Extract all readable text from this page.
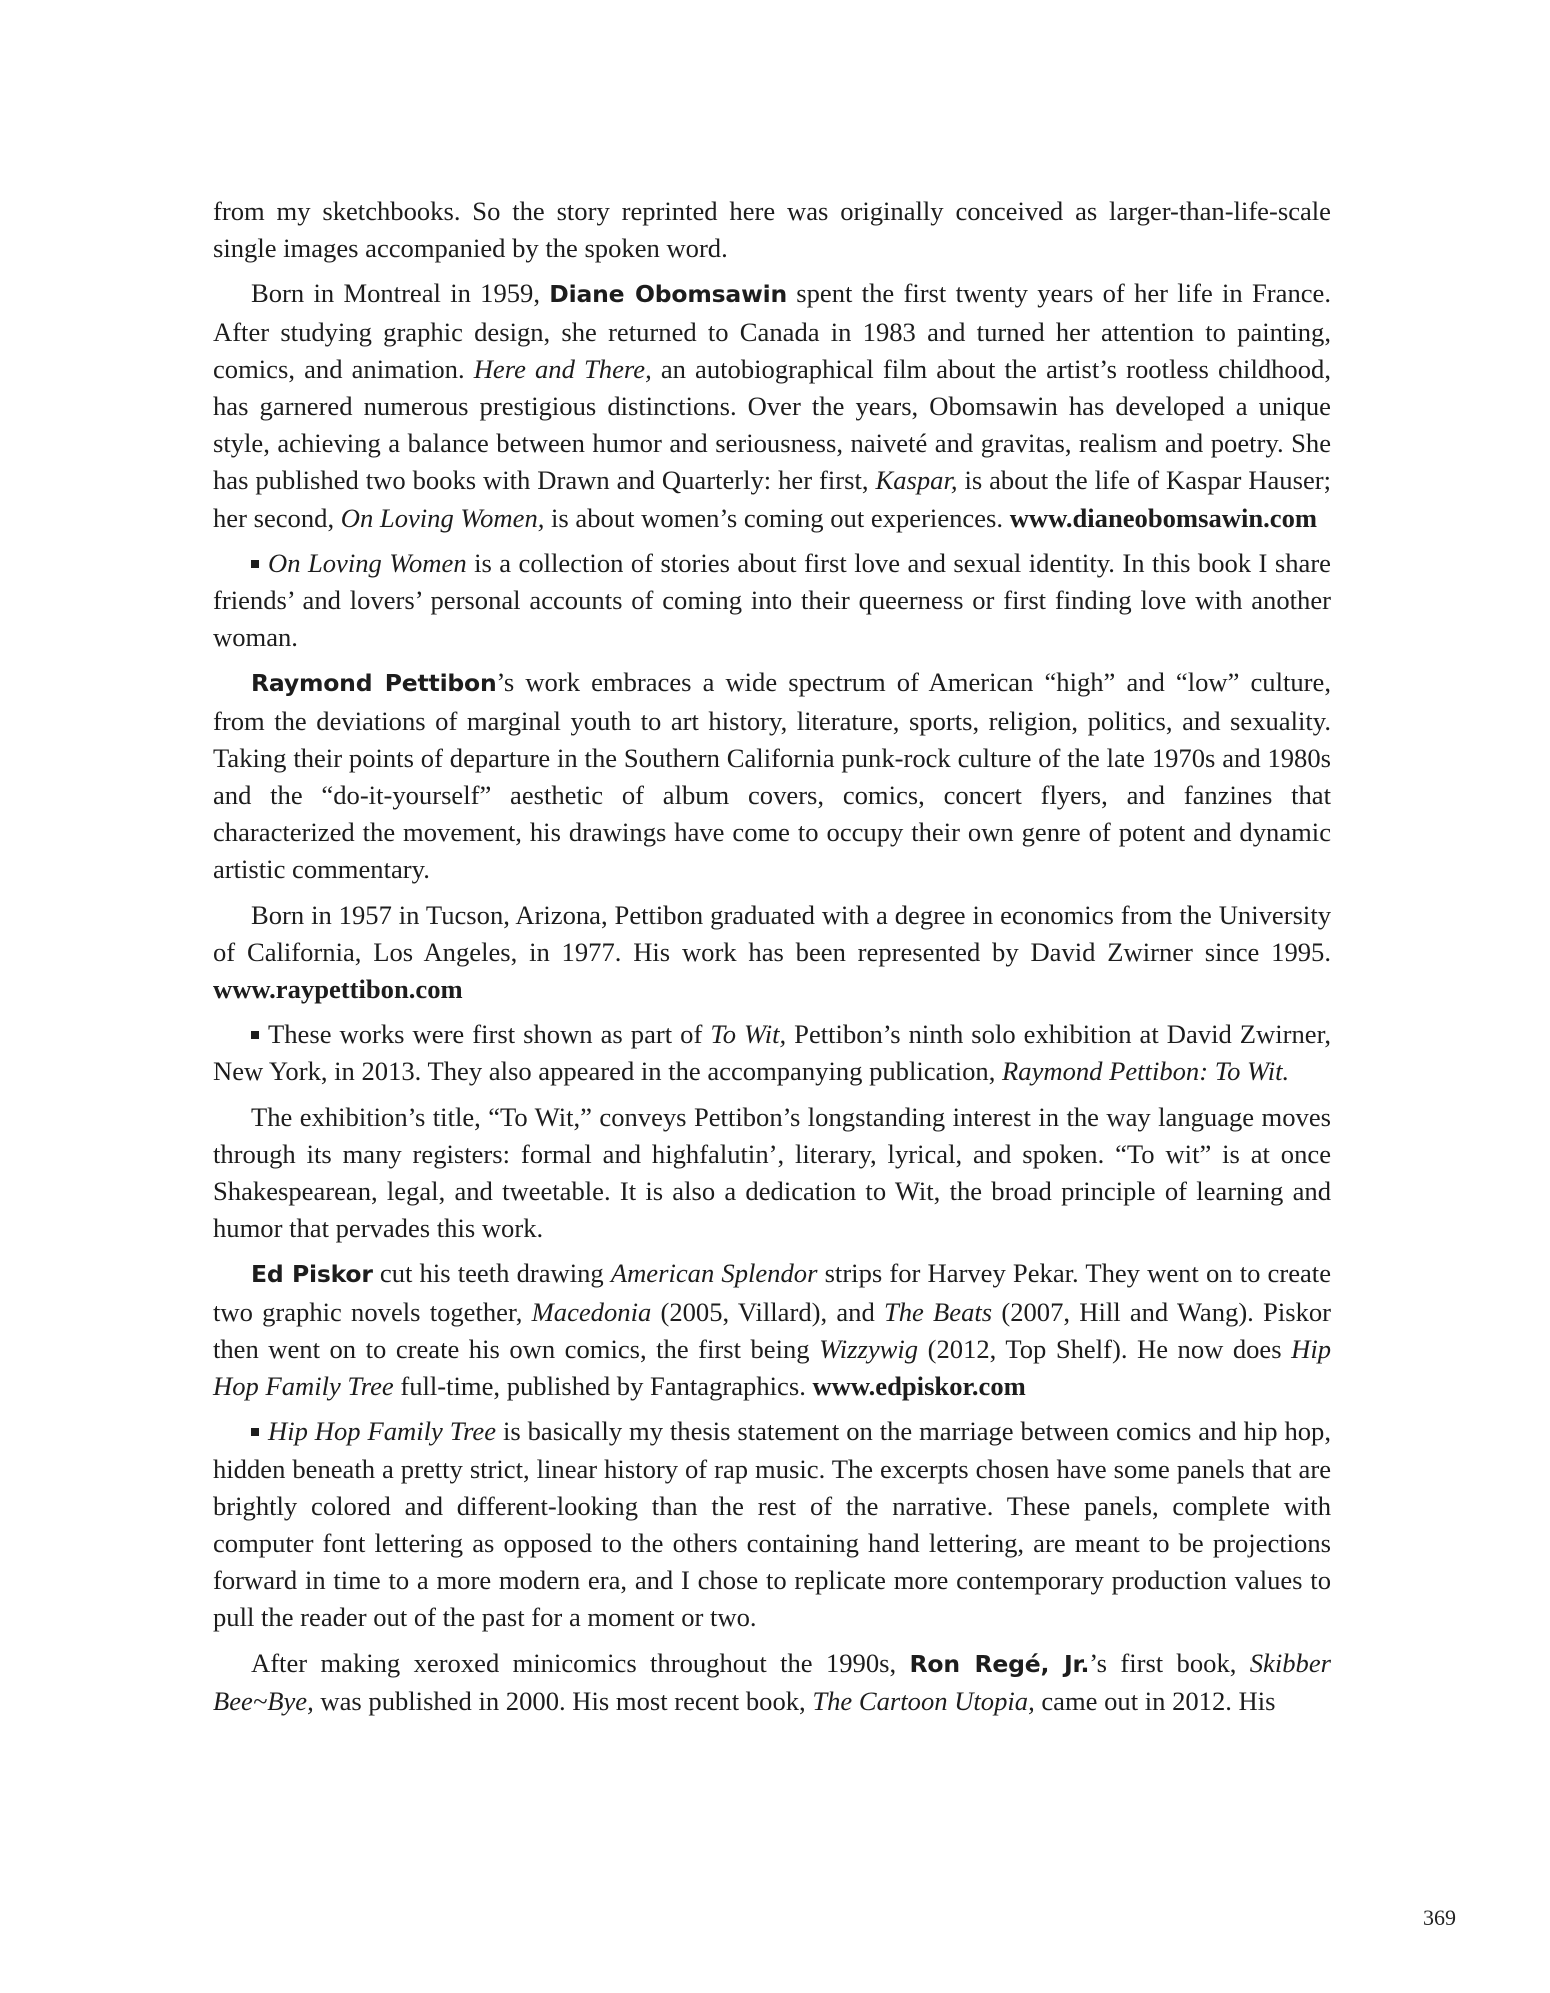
from my sketchbooks. So the story reprinted here was originally conceived as larger-than-life-scale single images accompanied by the spoken word.

Born in Montreal in 1959, Diane Obomsawin spent the first twenty years of her life in France. After studying graphic design, she returned to Canada in 1983 and turned her attention to painting, comics, and animation. Here and There, an autobiographical film about the artist’s rootless childhood, has garnered numerous prestigious distinctions. Over the years, Obomsawin has developed a unique style, achieving a balance between humor and seriousness, naiveté and gravitas, realism and poetry. She has published two books with Drawn and Quarterly: her first, Kaspar, is about the life of Kaspar Hauser; her second, On Loving Women, is about women’s coming out experiences. www.dianeobomsawin.com

On Loving Women is a collection of stories about first love and sexual identity. In this book I share friends’ and lovers’ personal accounts of coming into their queerness or first finding love with another woman.

Raymond Pettibon’s work embraces a wide spectrum of American “high” and “low” culture, from the deviations of marginal youth to art history, literature, sports, religion, politics, and sexuality. Taking their points of departure in the Southern California punk-rock culture of the late 1970s and 1980s and the “do-it-yourself” aesthetic of album covers, comics, concert flyers, and fanzines that characterized the movement, his drawings have come to occupy their own genre of potent and dynamic artistic commentary.

Born in 1957 in Tucson, Arizona, Pettibon graduated with a degree in economics from the University of California, Los Angeles, in 1977. His work has been represented by David Zwirner since 1995. www.raypettibon.com

These works were first shown as part of To Wit, Pettibon’s ninth solo exhibition at David Zwirner, New York, in 2013. They also appeared in the accompanying publication, Raymond Pettibon: To Wit.

The exhibition’s title, “To Wit,” conveys Pettibon’s longstanding interest in the way language moves through its many registers: formal and highfalutin’, literary, lyrical, and spoken. “To wit” is at once Shakespearean, legal, and tweetable. It is also a dedication to Wit, the broad principle of learning and humor that pervades this work.

Ed Piskor cut his teeth drawing American Splendor strips for Harvey Pekar. They went on to create two graphic novels together, Macedonia (2005, Villard), and The Beats (2007, Hill and Wang). Piskor then went on to create his own comics, the first being Wizzywig (2012, Top Shelf). He now does Hip Hop Family Tree full-time, published by Fantagraphics. www.edpiskor.com

Hip Hop Family Tree is basically my thesis statement on the marriage between comics and hip hop, hidden beneath a pretty strict, linear history of rap music. The excerpts chosen have some panels that are brightly colored and different-looking than the rest of the narrative. These panels, complete with computer font lettering as opposed to the others containing hand lettering, are meant to be projections forward in time to a more modern era, and I chose to replicate more contemporary production values to pull the reader out of the past for a moment or two.

After making xeroxed minicomics throughout the 1990s, Ron Regé, Jr.’s first book, Skibber Bee~Bye, was published in 2000. His most recent book, The Cartoon Utopia, came out in 2012. His

369
